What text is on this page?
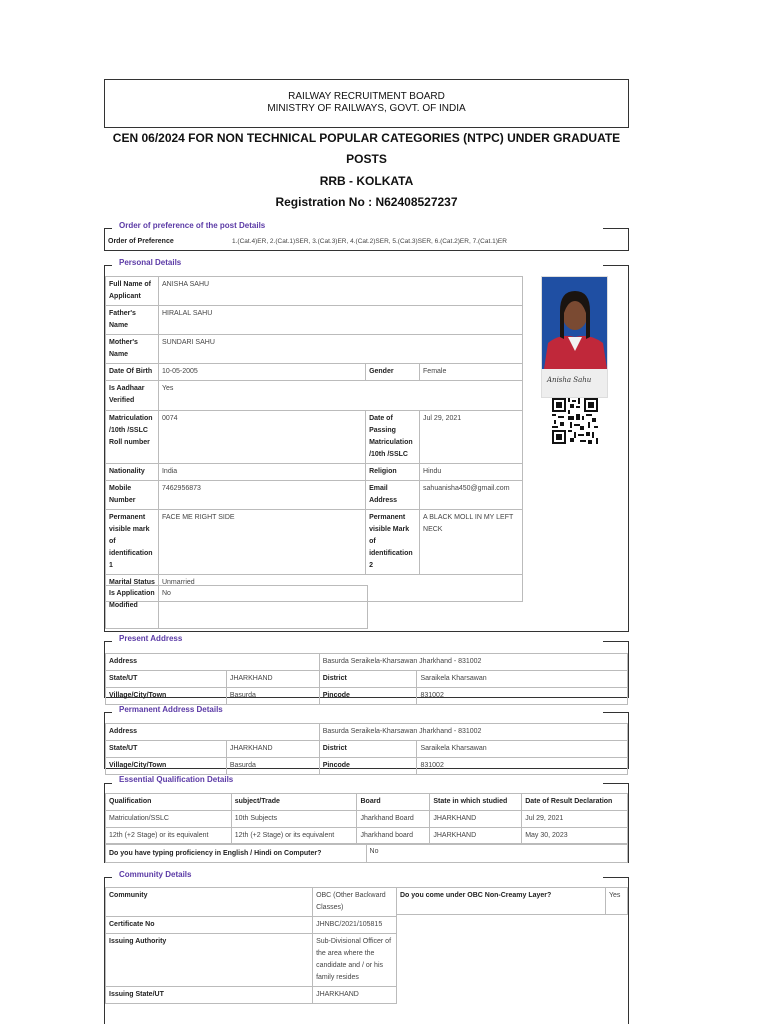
RAILWAY RECRUITMENT BOARD
MINISTRY OF RAILWAYS, GOVT. OF INDIA
CEN 06/2024 FOR NON TECHNICAL POPULAR CATEGORIES (NTPC) UNDER GRADUATE
POSTS
RRB - KOLKATA
Registration No : N62408527237
Order of preference of the post Details
Order of Preference	1.(Cat.4)ER, 2.(Cat.1)SER, 3.(Cat.3)ER, 4.(Cat.2)SER, 5.(Cat.3)SER, 6.(Cat.2)ER, 7.(Cat.1)ER
Personal Details
Full Name of Applicant	ANISHA SAHU		
Father's Name	HIRALAL SAHU		
Mother's Name	SUNDARI SAHU		
Date Of Birth	10-05-2005	Gender	Female
Is Aadhaar Verified	Yes		
Matriculation /10th /SSLC Roll number	0074	Date of Passing Matriculation /10th /SSLC	Jul 29, 2021
Nationality	India	Religion	Hindu
Mobile Number	7462956873	Email Address	sahuanisha450@gmail.com
Permanent visible mark of identification 1	FACE ME RIGHT SIDE	Permanent visible Mark of identification 2	A BLACK MOLL IN MY LEFT NECK
Marital Status	Unmarried		
Is Application Modified	No
Anisha Sahu
Present Address
Address		Basurda Seraikela-Kharsawan Jharkhand - 831002	
State/UT	JHARKHAND	District	Saraikela Kharsawan
Village/City/Town	Basurda	Pincode	831002
Permanent Address Details
Address		Basurda Seraikela-Kharsawan Jharkhand - 831002	
State/UT	JHARKHAND	District	Saraikela Kharsawan
Village/City/Town	Basurda	Pincode	831002
Essential Qualification Details
Qualification	subject/Trade	Board	State in which studied	Date of Result Declaration
Matriculation/SSLC	10th Subjects	Jharkhand Board	JHARKHAND	Jul 29, 2021
12th (+2 Stage) or its equivalent	12th (+2 Stage) or its equivalent	Jharkhand board	JHARKHAND	May 30, 2023
Do you have typing proficiency in English / Hindi on Computer?	No
Community Details
Community	OBC (Other Backward Classes)
Certificate No	JHNBC/2021/105815
Issuing Authority	Sub-Divisional Officer of the area where the candidate and / or his family resides
Issuing State/UT	JHARKHAND
Do you come under OBC Non-Creamy Layer?	Yes
